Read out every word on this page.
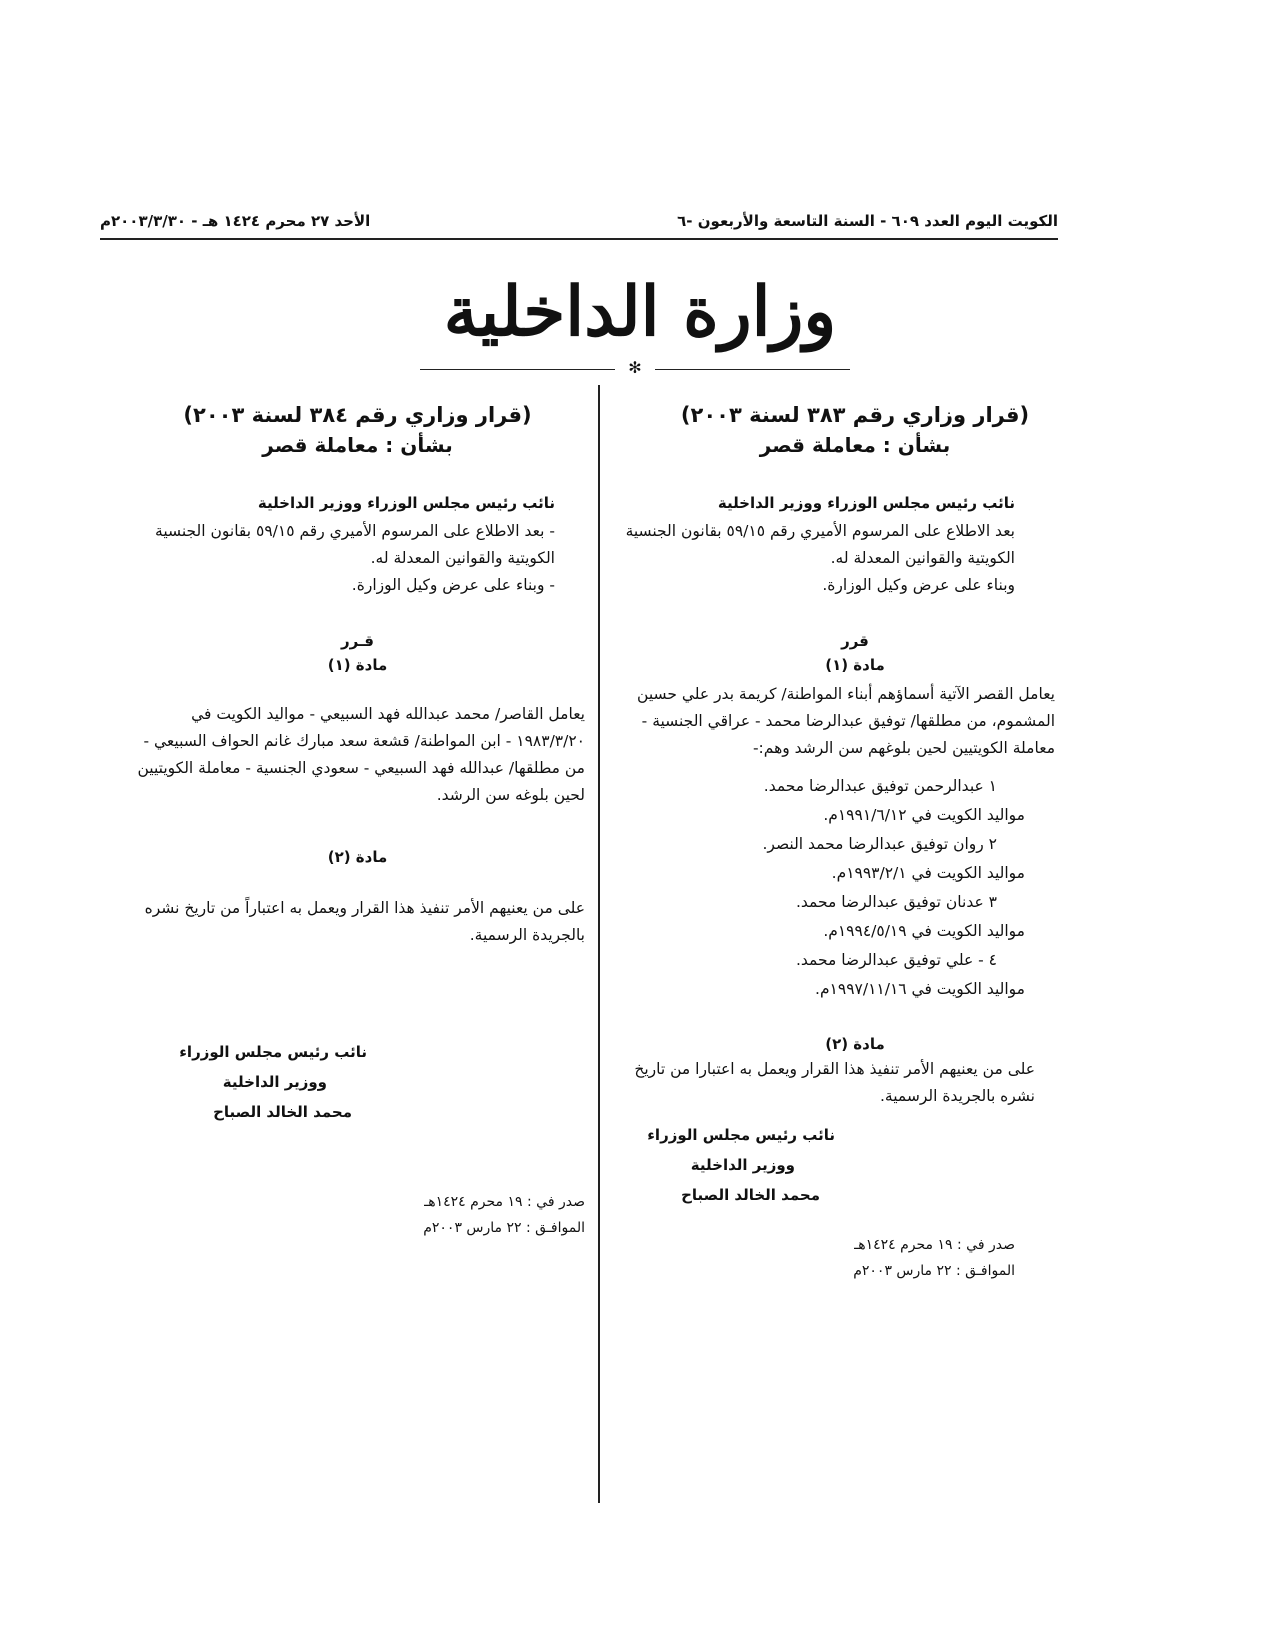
الكويت اليوم العدد ٦٠٩ - السنة التاسعة والأربعون -٦
الأحد ٢٧ محرم ١٤٢٤ هـ - ٢٠٠٣/٣/٣٠م
وزارة الداخلية
✻
(قرار وزاري رقم ٣٨٣ لسنة ٢٠٠٣)
بشأن : معاملة قصر
نائب رئيس مجلس الوزراء ووزير الداخلية
بعد الاطلاع على المرسوم الأميري رقم ٥٩/١٥ بقانون الجنسية الكويتية والقوانين المعدلة له.
وبناء على عرض وكيل الوزارة.
قرر
مادة (١)
يعامل القصر الآتية أسماؤهم أبناء المواطنة/ كريمة بدر علي حسين المشموم، من مطلقها/ توفيق عبدالرضا محمد - عراقي الجنسية - معاملة الكويتيين لحين بلوغهم سن الرشد وهم:-
١ عبدالرحمن توفيق عبدالرضا محمد.
مواليد الكويت في ١٩٩١/٦/١٢م.
٢ روان توفيق عبدالرضا محمد النصر.
مواليد الكويت في ١٩٩٣/٢/١م.
٣ عدنان توفيق عبدالرضا محمد.
مواليد الكويت في ١٩٩٤/٥/١٩م.
٤ - علي توفيق عبدالرضا محمد.
مواليد الكويت في ١٩٩٧/١١/١٦م.
مادة (٢)
على من يعنيهم الأمر تنفيذ هذا القرار ويعمل به اعتبارا من تاريخ نشره بالجريدة الرسمية.
نائب رئيس مجلس الوزراء
ووزير الداخلية
محمد الخالد الصباح
صدر في : ١٩ محرم ١٤٢٤هـ
الموافـق : ٢٢ مارس ٢٠٠٣م
(قرار وزاري رقم ٣٨٤ لسنة ٢٠٠٣)
بشأن : معاملة قصر
نائب رئيس مجلس الوزراء ووزير الداخلية
- بعد الاطلاع على المرسوم الأميري رقم ٥٩/١٥ بقانون الجنسية الكويتية والقوانين المعدلة له.
- وبناء على عرض وكيل الوزارة.
قـرر
مادة (١)
يعامل القاصر/ محمد عبدالله فهد السبيعي - مواليد الكويت في ١٩٨٣/٣/٢٠ - ابن المواطنة/ قشعة سعد مبارك غانم الحواف السبيعي - من مطلقها/ عبدالله فهد السبيعي - سعودي الجنسية - معاملة الكويتيين لحين بلوغه سن الرشد.
مادة (٢)
على من يعنيهم الأمر تنفيذ هذا القرار ويعمل به اعتباراً من تاريخ نشره بالجريدة الرسمية.
نائب رئيس مجلس الوزراء
ووزير الداخلية
محمد الخالد الصباح
صدر في : ١٩ محرم ١٤٢٤هـ
الموافـق : ٢٢ مارس ٢٠٠٣م
